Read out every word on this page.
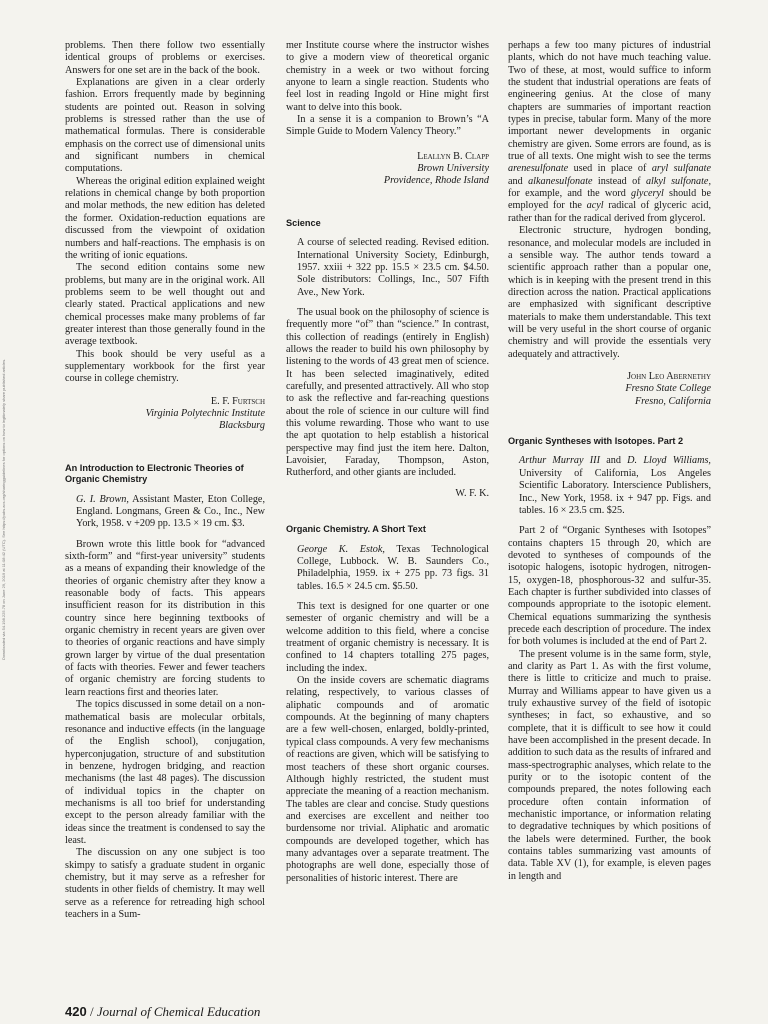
Downloaded via 54.198.225.78 on June 29, 2019 at 11:08:42 (UTC). See https://pubs.acs.org/sharingguidelines for options on how to legitimately share published articles.

problems. Then there follow two essentially identical groups of problems or exercises. Answers for one set are in the back of the book.

Explanations are given in a clear orderly fashion. Errors frequently made by beginning students are pointed out. Reason in solving problems is stressed rather than the use of mathematical formulas. There is considerable emphasis on the correct use of dimensional units and significant numbers in chemical computations.

Whereas the original edition explained weight relations in chemical change by both proportion and molar methods, the new edition has deleted the former. Oxidation-reduction equations are discussed from the viewpoint of oxidation numbers and half-reactions. The emphasis is on the writing of ionic equations.

The second edition contains some new problems, but many are in the original work. All problems seem to be well thought out and clearly stated. Practical applications and new chemical processes make many problems of far greater interest than those generally found in the average textbook.

This book should be very useful as a supplementary workbook for the first year course in college chemistry.

E. F. Furtsch
Virginia Polytechnic Institute
Blacksburg
An Introduction to Electronic Theories of Organic Chemistry

G. I. Brown, Assistant Master, Eton College, England. Longmans, Green & Co., Inc., New York, 1958. v +209 pp. 13.5 × 19 cm. $3.

Brown wrote this little book for “advanced sixth-form” and “first-year university” students as a means of expanding their knowledge of the theories of organic chemistry after they know a reasonable body of facts. This appears insufficient reason for its distribution in this country since here beginning textbooks of organic chemistry in recent years are given over to theories of organic reactions and have simply grown larger by virtue of the dual presentation of facts with theories. Fewer and fewer teachers of organic chemistry are forcing students to learn reactions first and theories later.

The topics discussed in some detail on a non-mathematical basis are molecular orbitals, resonance and inductive effects (in the language of the English school), conjugation, hyperconjugation, structure of and substitution in benzene, hydrogen bridging, and reaction mechanisms (the last 48 pages). The discussion of individual topics in the chapter on mechanisms is all too brief for understanding except to the person already familiar with the ideas since the treatment is condensed to say the least.

The discussion on any one subject is too skimpy to satisfy a graduate student in organic chemistry, but it may serve as a refresher for students in other fields of chemistry. It may well serve as a reference for retreading high school teachers in a Sum-

mer Institute course where the instructor wishes to give a modern view of theoretical organic chemistry in a week or two without forcing anyone to learn a single reaction. Students who feel lost in reading Ingold or Hine might first want to delve into this book.

In a sense it is a companion to Brown’s “A Simple Guide to Modern Valency Theory.”

Leallyn B. Clapp
Brown University
Providence, Rhode Island
Science

A course of selected reading. Revised edition. International University Society, Edinburgh, 1957. xxiii + 322 pp. 15.5 × 23.5 cm. $4.50. Sole distributors: Collings, Inc., 507 Fifth Ave., New York.

The usual book on the philosophy of science is frequently more “of” than “science.” In contrast, this collection of readings (entirely in English) allows the reader to build his own philosophy by listening to the words of 43 great men of science. It has been selected imaginatively, edited carefully, and presented attractively. All who stop to ask the reflective and far-reaching questions about the role of science in our culture will find this volume rewarding. Those who want to use the apt quotation to help establish a historical perspective may find just the item here. Dalton, Lavoisier, Faraday, Thompson, Aston, Rutherford, and other giants are included.

W. F. K.
Organic Chemistry. A Short Text

George K. Estok, Texas Technological College, Lubbock. W. B. Saunders Co., Philadelphia, 1959. ix + 275 pp. 73 figs. 31 tables. 16.5 × 24.5 cm. $5.50.

This text is designed for one quarter or one semester of organic chemistry and will be a welcome addition to this field, where a concise treatment of organic chemistry is necessary. It is confined to 14 chapters totalling 275 pages, including the index.

On the inside covers are schematic diagrams relating, respectively, to various classes of aliphatic compounds and of aromatic compounds. At the beginning of many chapters are a few well-chosen, enlarged, boldly-printed, typical class compounds. A very few mechanisms of reactions are given, which will be satisfying to most teachers of these short organic courses. Although highly restricted, the student must appreciate the meaning of a reaction mechanism. The tables are clear and concise. Study questions and exercises are excellent and neither too burdensome nor trivial. Aliphatic and aromatic compounds are developed together, which has many advantages over a separate treatment. The photographs are well done, especially those of personalities of historic interest. There are

perhaps a few too many pictures of industrial plants, which do not have much teaching value. Two of these, at most, would suffice to inform the student that industrial operations are feats of engineering genius. At the close of many chapters are summaries of important reaction types in precise, tabular form. Many of the more important newer developments in organic chemistry are given. Some errors are found, as is true of all texts. One might wish to see the terms arenesulfonate used in place of aryl sulfanate and alkanesulfonate instead of alkyl sulfonate, for example, and the word glyceryl should be employed for the acyl radical of glyceric acid, rather than for the radical derived from glycerol.

Electronic structure, hydrogen bonding, resonance, and molecular models are included in a sensible way. The author tends toward a scientific approach rather than a popular one, which is in keeping with the present trend in this direction across the nation. Practical applications are emphasized with significant descriptive materials to make them understandable. This text will be very useful in the short course of organic chemistry and will provide the essentials very adequately and attractively.

John Leo Abernethy
Fresno State College
Fresno, California
Organic Syntheses with Isotopes. Part 2

Arthur Murray III and D. Lloyd Williams, University of California, Los Angeles Scientific Laboratory. Interscience Publishers, Inc., New York, 1958. ix + 947 pp. Figs. and tables. 16 × 23.5 cm. $25.

Part 2 of “Organic Syntheses with Isotopes” contains chapters 15 through 20, which are devoted to syntheses of compounds of the isotopic halogens, isotopic hydrogen, nitrogen-15, oxygen-18, phosphorous-32 and sulfur-35. Each chapter is further subdivided into classes of compounds appropriate to the isotopic element. Chemical equations summarizing the synthesis precede each description of procedure. The index for both volumes is included at the end of Part 2.

The present volume is in the same form, style, and clarity as Part 1. As with the first volume, there is little to criticize and much to praise. Murray and Williams appear to have given us a truly exhaustive survey of the field of isotopic syntheses; in fact, so exhaustive, and so complete, that it is difficult to see how it could have been accomplished in the present decade. In addition to such data as the results of infrared and mass-spectrographic analyses, which relate to the purity or to the isotopic content of the compounds prepared, the notes following each procedure often contain information of mechanistic importance, or information relating to degradative techniques by which positions of the labels were determined. Further, the book contains tables summarizing vast amounts of data. Table XV (1), for example, is eleven pages in length and

420 / Journal of Chemical Education
